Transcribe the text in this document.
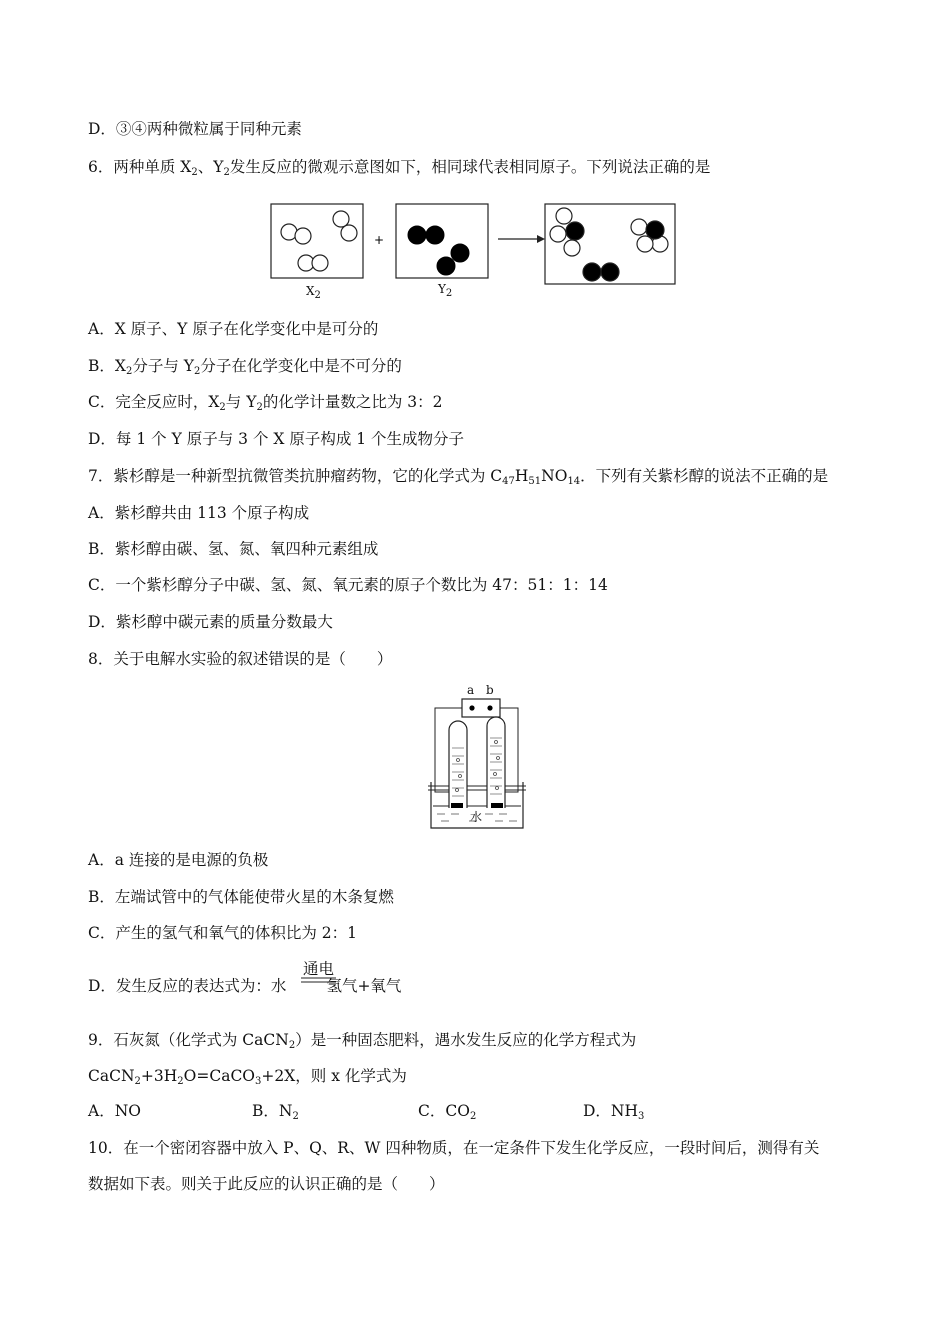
D．③④两种微粒属于同种元素
6．两种单质 $X_2$、$Y_2$发生反应的微观示意图如下，相同球代表相同原子。下列说法正确的是
+
$X_2$	$Y_2$
A．X 原子、Y 原子在化学变化中是可分的
B．$X_2$分子与 $Y_2$分子在化学变化中是不可分的
C．完全反应时，$X_2$与 $Y_2$的化学计量数之比为 3：2
D．每 1 个 Y 原子与 3 个 X 原子构成 1 个生成物分子
7．紫杉醇是一种新型抗微管类抗肿瘤药物，它的化学式为 $C_{47}H_{51}NO_{14}$．下列有关紫杉醇的说法不正确的是
A．紫杉醇共由 113 个原子构成
B．紫杉醇由碳、氢、氮、氧四种元素组成
C．一个紫杉醇分子中碳、氢、氮、氧元素的原子个数比为 47：51：1：14
D．紫杉醇中碳元素的质量分数最大
8．关于电解水实验的叙述错误的是（　　）
a b
水
A．a 连接的是电源的负极
B．左端试管中的气体能使带火星的木条复燃
C．产生的氢气和氧气的体积比为 2：1
D．发生反应的表达式为：水	氢气+氧气
通电
9．石灰氮（化学式为 CaCN$_2$）是一种固态肥料，遇水发生反应的化学方程式为
$CaCN_2+3H_2O=CaCO_3+2X$，则 x 化学式为
A．NO	B．$N_2$	C．$CO_2$	D．$NH_3$
10．在一个密闭容器中放入 P、Q、R、W 四种物质，在一定条件下发生化学反应，一段时间后，测得有关
数据如下表。则关于此反应的认识正确的是（　　）
